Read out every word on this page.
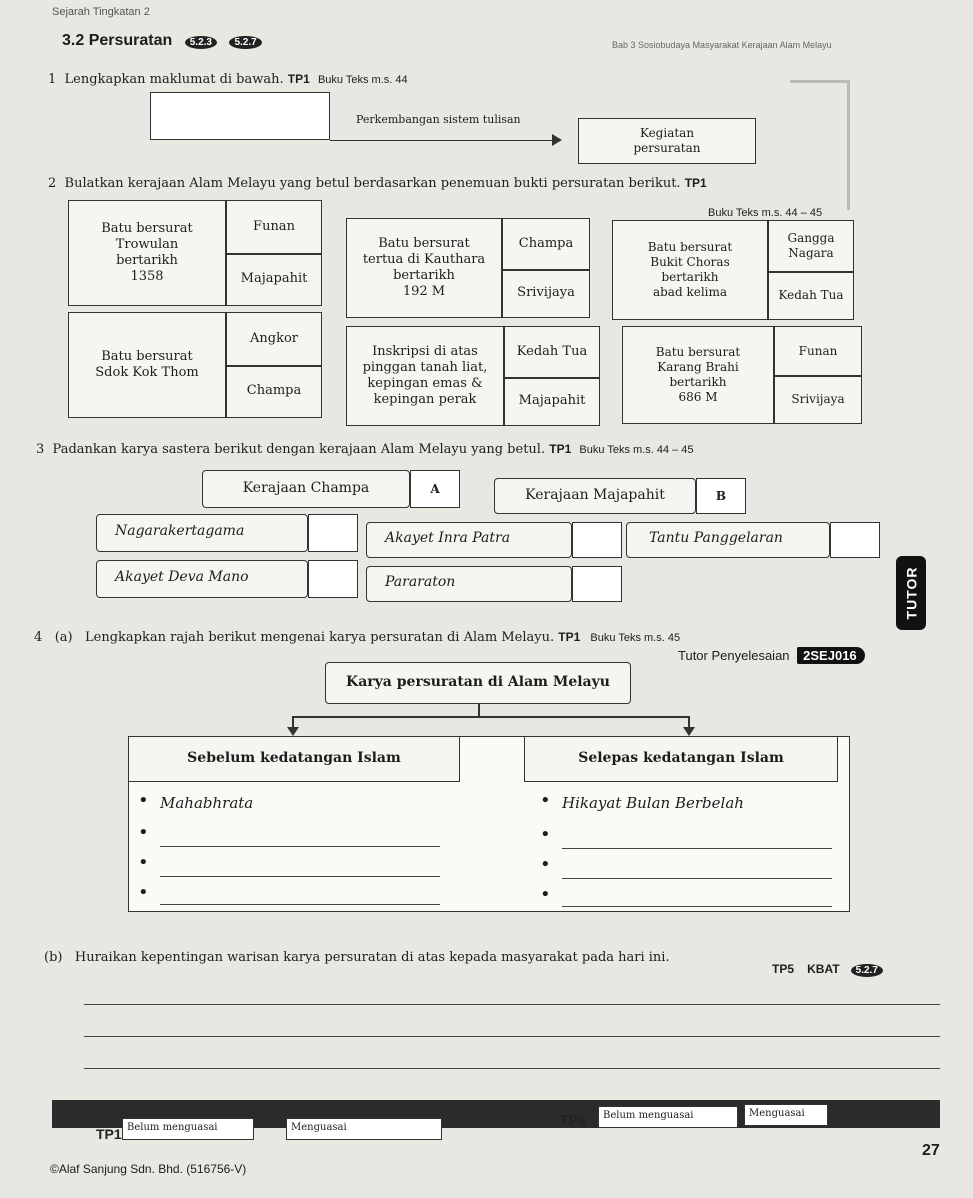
Sejarah Tingkatan 2
Bab 3 Sosiobudaya Masyarakat Kerajaan Alam Melayu
3.2 Persuratan 5.2.3 5.2.7
1 Lengkapkan maklumat di bawah. TP1 Buku Teks m.s. 44
Perkembangan sistem tulisan
Kegiatan
persuratan
2 Bulatkan kerajaan Alam Melayu yang betul berdasarkan penemuan bukti persuratan berikut. TP1
Buku Teks m.s. 44 – 45
Batu bersurat
Trowulan
bertarikh
1358
Funan
Majapahit
Batu bersurat
tertua di Kauthara
bertarikh
192 M
Champa
Srivijaya
Batu bersurat
Bukit Choras
bertarikh
abad kelima
Gangga Nagara
Kedah Tua
Batu bersurat
Sdok Kok Thom
Angkor
Champa
Inskripsi di atas
pinggan tanah liat,
kepingan emas &
kepingan perak
Kedah Tua
Majapahit
Batu bersurat
Karang Brahi
bertarikh
686 M
Funan
Srivijaya
3 Padankan karya sastera berikut dengan kerajaan Alam Melayu yang betul. TP1 Buku Teks m.s. 44 – 45
Kerajaan Champa	A	Kerajaan Majapahit	B
Nagarakertagama	Akayet Inra Patra	Tantu Panggelaran
Akayet Deva Mano	Pararaton	TUTOR
4 (a) Lengkapkan rajah berikut mengenai karya persuratan di Alam Melayu. TP1 Buku Teks m.s. 45
Tutor Penyelesaian 2SEJ016
Karya persuratan di Alam Melayu
Sebelum kedatangan Islam	Selepas kedatangan Islam
• Mahabhrata
•
•
•
• Hikayat Bulan Berbelah
•
•
•
(b) Huraikan kepentingan warisan karya persuratan di atas kepada masyarakat pada hari ini.
TP5 KBAT 5.2.7
TP1 Belum menguasai	Menguasai	TP5	Belum menguasai	Menguasai
27
©Alaf Sanjung Sdn. Bhd. (516756-V)
